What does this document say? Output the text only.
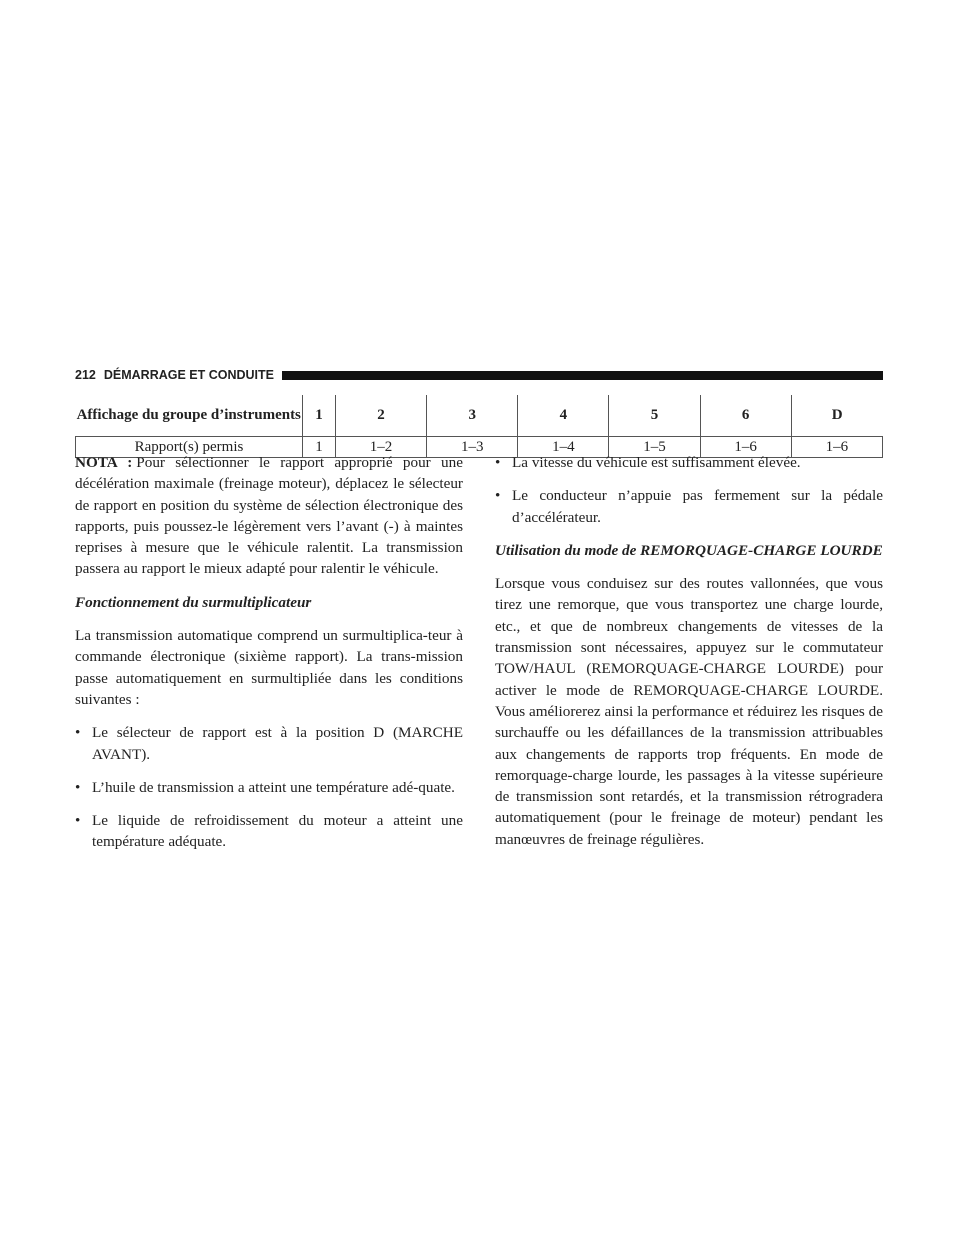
212 DÉMARRAGE ET CONDUITE
Affichage du groupe d’instruments	1	2	3	4	5	6	D
Rapport(s) permis	1	1–2	1–3	1–4	1–5	1–6	1–6

NOTA : Pour sélectionner le rapport approprié pour une décélération maximale (freinage moteur), déplacez le sélecteur de rapport en position du système de sélection électronique des rapports, puis poussez-le légèrement vers l’avant (-) à maintes reprises à mesure que le véhicule ralentit. La transmission passera au rapport le mieux adapté pour ralentir le véhicule.

Fonctionnement du surmultiplicateur

La transmission automatique comprend un surmultiplica-teur à commande électronique (sixième rapport). La trans-mission passe automatiquement en surmultipliée dans les conditions suivantes :

• Le sélecteur de rapport est à la position D (MARCHE AVANT).
• L’huile de transmission a atteint une température adé-quate.
• Le liquide de refroidissement du moteur a atteint une température adéquate.
• La vitesse du véhicule est suffisamment élevée.
• Le conducteur n’appuie pas fermement sur la pédale d’accélérateur.
Utilisation du mode de REMORQUAGE-CHARGE LOURDE

Lorsque vous conduisez sur des routes vallonnées, que vous tirez une remorque, que vous transportez une charge lourde, etc., et que de nombreux changements de vitesses de la transmission sont nécessaires, appuyez sur le commutateur TOW/HAUL (REMORQUAGE-CHARGE LOURDE) pour activer le mode de REMORQUAGE-CHARGE LOURDE. Vous améliorerez ainsi la performance et réduirez les risques de surchauffe ou les défaillances de la transmission attribuables aux changements de rapports trop fréquents. En mode de remorquage-charge lourde, les passages à la vitesse supérieure de transmission sont retardés, et la transmission rétrogradera automatiquement (pour le freinage de moteur) pendant les manœuvres de freinage régulières.
